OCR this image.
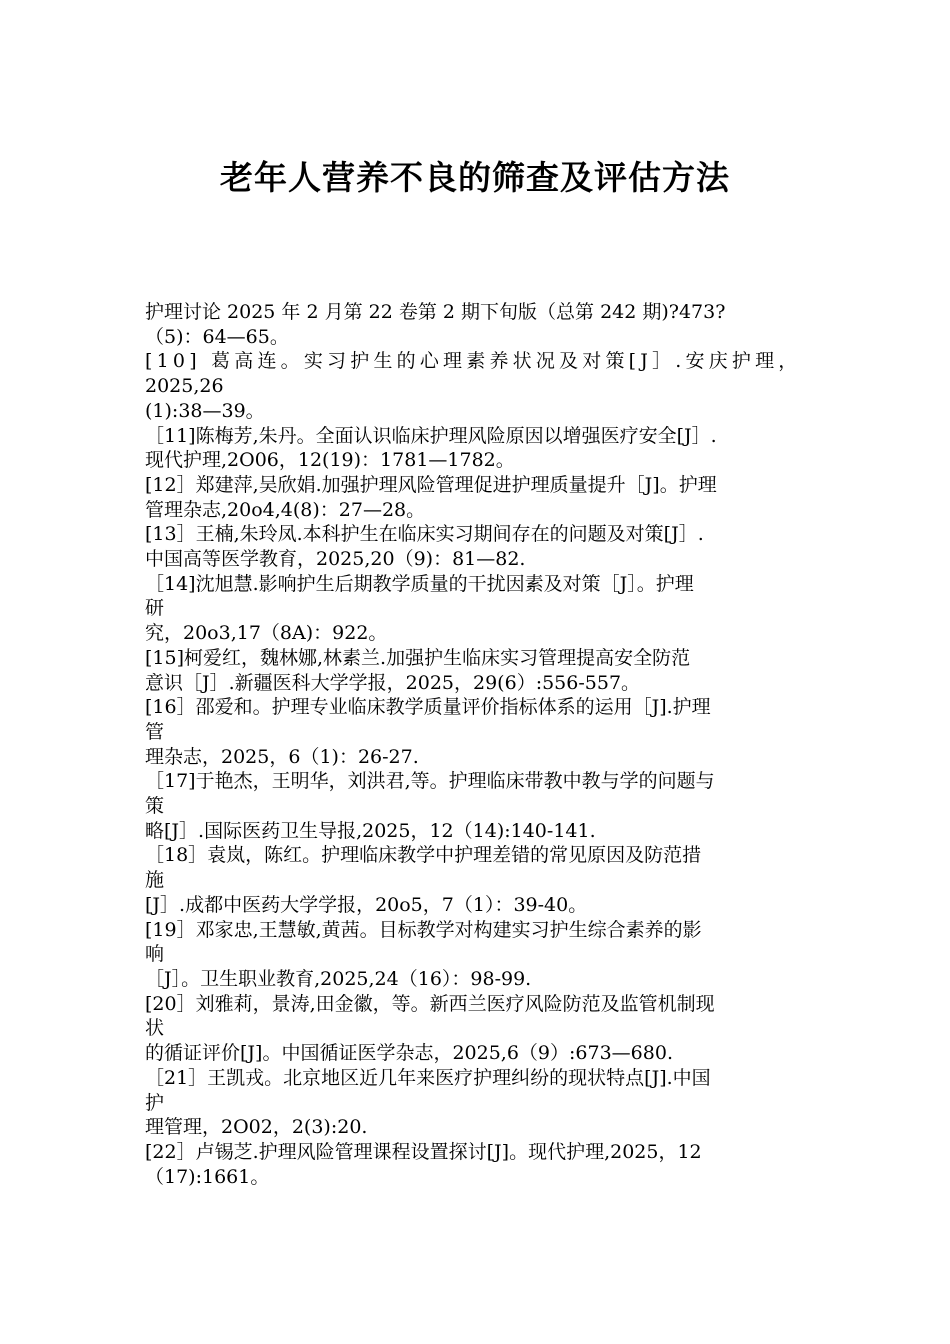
老年人营养不良的筛查及评估方法
护理讨论 2025 年 2 月第 22 卷第 2 期下旬版（总第 242 期)?473?
（5)：64—65。
[10] 葛高连。实习护生的心理素养状况及对策[J］.安庆护理，
2025,26
(1):38—39。
［11]陈梅芳,朱丹。全面认识临床护理风险原因以增强医疗安全[J］.
现代护理,2O06，12(19)：1781—1782。
[12］郑建萍,吴欣娟.加强护理风险管理促进护理质量提升［J]。护理
管理杂志,20o4,4(8)：27—28。
[13］王楠,朱玲凤.本科护生在临床实习期间存在的问题及对策[J］.
中国高等医学教育，2025,20（9)：81—82.
［14]沈旭慧.影响护生后期教学质量的干扰因素及对策［J］。护理
研
究，20o3,17（8A)：922。
[15]柯爱红，魏林娜,林素兰.加强护生临床实习管理提高安全防范
意识［J］.新疆医科大学学报，2025，29(6）:556-557。
[16］邵爱和。护理专业临床教学质量评价指标体系的运用［J].护理
管
理杂志，2025，6（1)：26-27.
［17]于艳杰，王明华，刘洪君,等。护理临床带教中教与学的问题与
策
略[J］.国际医药卫生导报,2025，12（14):140-141.
［18］袁岚，陈红。护理临床教学中护理差错的常见原因及防范措
施
[J］.成都中医药大学学报，20o5，7（1）：39-40。
[19］邓家忠,王慧敏,黄茜。目标教学对构建实习护生综合素养的影
响
［J］。卫生职业教育,2025,24（16）：98-99.
[20］刘雅莉，景涛,田金徽，等。新西兰医疗风险防范及监管机制现
状
的循证评价[J]。中国循证医学杂志，2025,6（9）:673—680.
［21］王凯戎。北京地区近几年来医疗护理纠纷的现状特点[J].中国
护
理管理，2O02，2(3):20.
[22］卢锡芝.护理风险管理课程设置探讨[J]。现代护理,2025，12
（17):1661。
